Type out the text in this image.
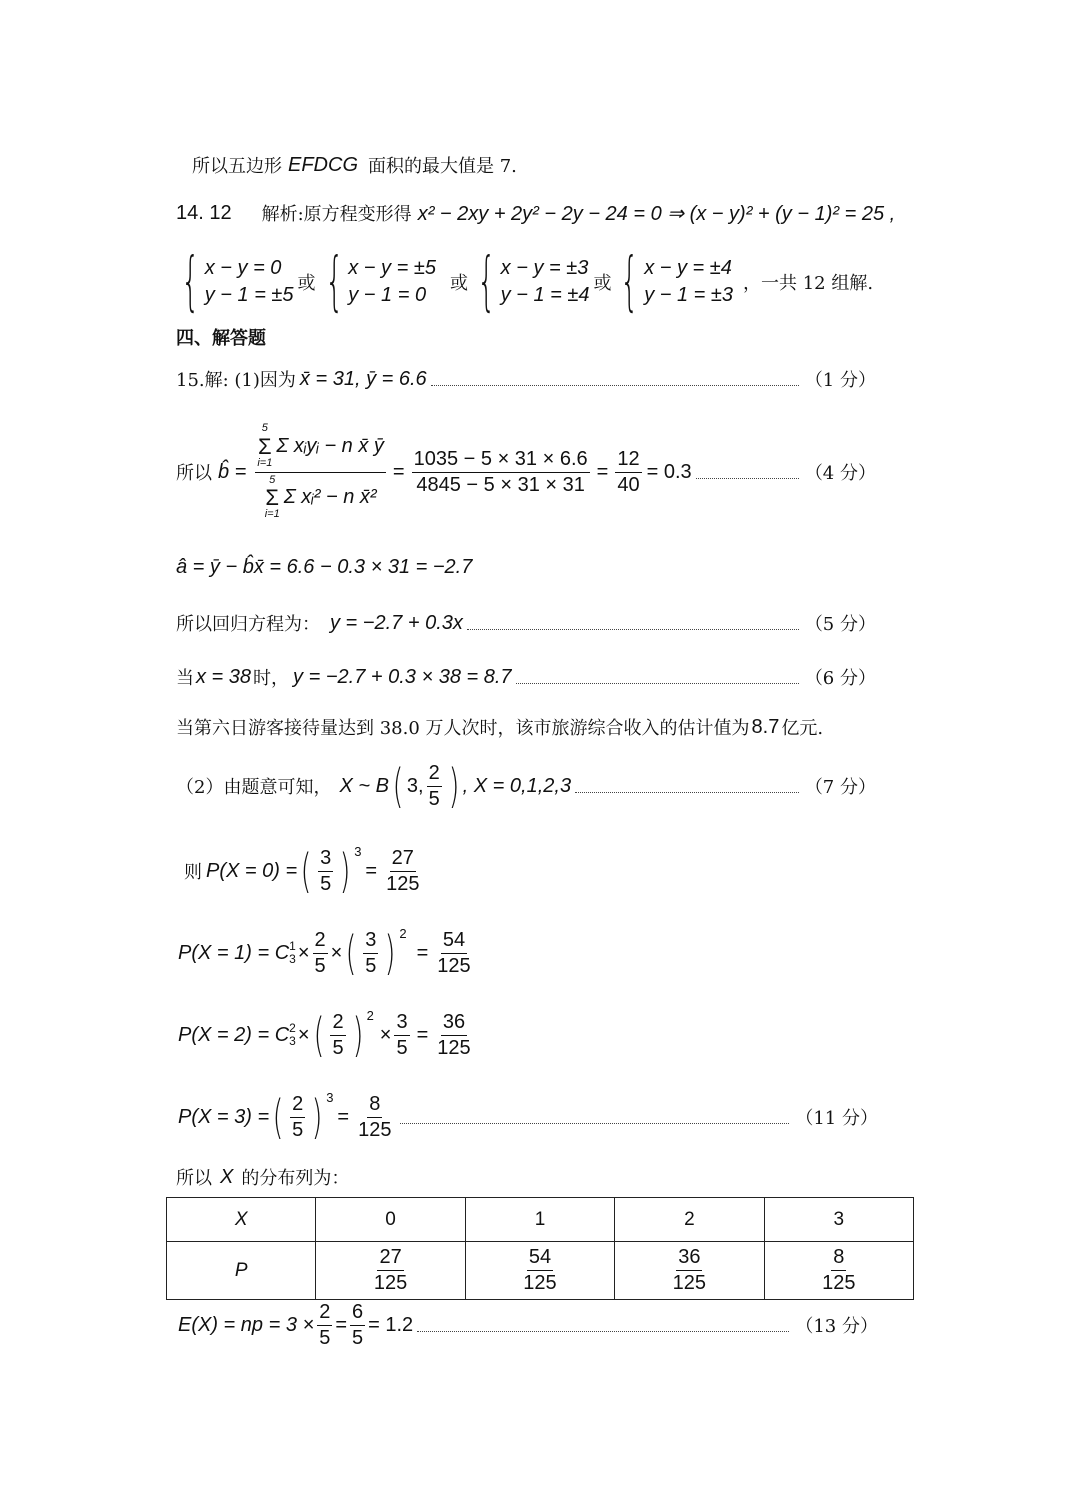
所以五边形 EFDCG 面积的最大值是 7.
14. 12 解析:原方程变形得 x² − 2xy + 2y² − 2y − 24 = 0 ⇒ (x − y)² + (y − 1)² = 25 ,
{ x − y = 0
y − 1 = ±5
或 { x − y = ±5
y − 1 = 0
或 { x − y = ±3
y − 1 = ±4
或 { x − y = ±4
y − 1 = ±3
，一共 12 组解.
四、解答题
15.解: (1)因为 x̄ = 31, ȳ = 6.6	（1 分）
所以 b̂ = 5
Σ
i=1
Σ xᵢyᵢ − n x̄ ȳ
5
Σ
i=1
Σ xᵢ² − n x̄² = $\frac{1035 - 5 \times 31 \times 6.6}{4845 - 5 \times 31 \times 31} = \frac{12}{40} = 0.3$	（4 分）
â = ȳ − b̂x̄ = 6.6 − 0.3 × 31 = −2.7
所以回归方程为： y = −2.7 + 0.3x	（5 分）
当 x = 38 时， y = −2.7 + 0.3 × 38 = 8.7	（6 分）
当第六日游客接待量达到 38.0 万人次时，该市旅游综合收入的估计值为 8.7 亿元.
（2）由题意可知， X ~ B ( 3, $\frac{2}{5}$ ) , X = 0,1,2,3	（7 分）
则 P(X = 0) = ( $\frac{3}{5}$ ) 3
= $\frac{27}{125}$
P(X = 1) = C 1
$3 \times \frac{2}{5}$ × ( $\frac{3}{5}$ ) 2
= $\frac{54}{125}$
P(X = 2) = C 2
3 × ( $\frac{2}{5}$ ) 2
× $\frac{3}{5} = \frac{36}{125}$
P(X = 3) = ( $\frac{2}{5}$ ) 3
= $\frac{8}{125}$	（11 分）
所以 X 的分布列为：
X	0	1	2	3
P	$\frac{27}{125}$	$\frac{54}{125}$	$\frac{36}{125}$	$\frac{8}{125}$
E(X) = np = $3 \times \frac{2}{5} = \frac{6}{5} = 1.2$	（13 分）
